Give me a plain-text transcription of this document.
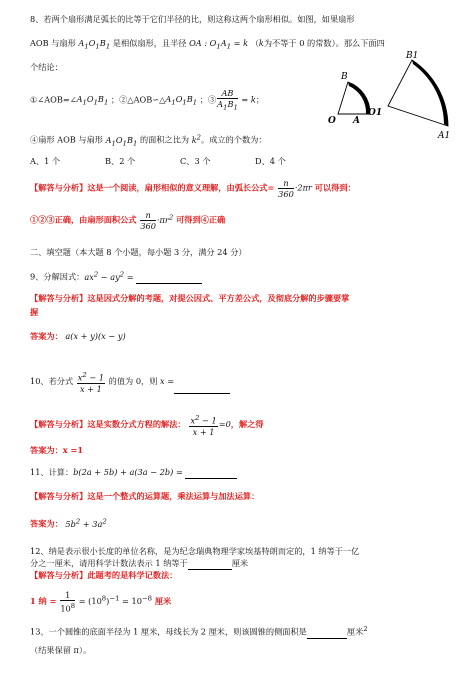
8、若两个扇形满足弧长的比等于它们半径的比，则这称这两个扇形相似。如图，如果扇形
AOB 与扇形 $A_1O_1B_1$ 是相似扇形，且半径 OA : $O_1A_1 = k$ （k为不等于 0 的常数）。那么下面四
个结论：
$①\angle AOB=\angle A_1O_1B_1$ ；$②\triangle AOB∽\triangle A_1O_1B_1$ ；③ $\frac{AB}{A_1B_1} = k$；
B
O A
B1
O1
A1
④扇形 AOB 与扇形 $A_1O_1B_1$ 的面积之比为 $k^2$。成立的个数为：
A、1 个	B、2 个	C、3 个	D、4 个
【解答与分析】这是一个阅读，扇形相似的意义理解，由弧长公式= $\frac{n}{360} \cdot 2\pi r$ 可以得到：
①②③正确，由扇形面积公式 $\frac{n}{360} \cdot\pi r^2$ 可得到④正确
二、填空题（本大题 8 个小题，每小题 3 分，满分 24 分）
9、分解因式：$ax^2 - ay^2$ =
【解答与分析】这是因式分解的考题，对提公因式、平方差公式，及彻底分解的步骤要掌
握
答案为： a(x + y)(x − y)
10、若分式 $\frac{x^2 - 1}{x + 1}$ 的值为 0，则 x =
【解答与分析】这是实数分式方程的解法： $\frac{x^2 - 1}{x + 1} =0$，解之得
答案为：x =1
11、计算：b(2a + 5b) + a(3a − 2b) =
【解答与分析】这是一个整式的运算题，乘法运算与加法运算：
答案为： $5b^2 + 3a^2$
12、纳是表示很小长度的单位名称，是为纪念瑞典物理学家埃基特朗而定的，1 纳等于一亿
分之一厘米，请用科学计数法表示 1 纳等于	厘米
【解答与分析】此题考的是科学记数法：
1 纳 = $\frac{1}{10^8} = (10^8)^{-1} = 10^{-8}$ 厘米
13、一个圆锥的底面半径为 1 厘米，母线长为 2 厘米，则该圆锥的侧面积是	厘米$^2$
（结果保留 π）。
